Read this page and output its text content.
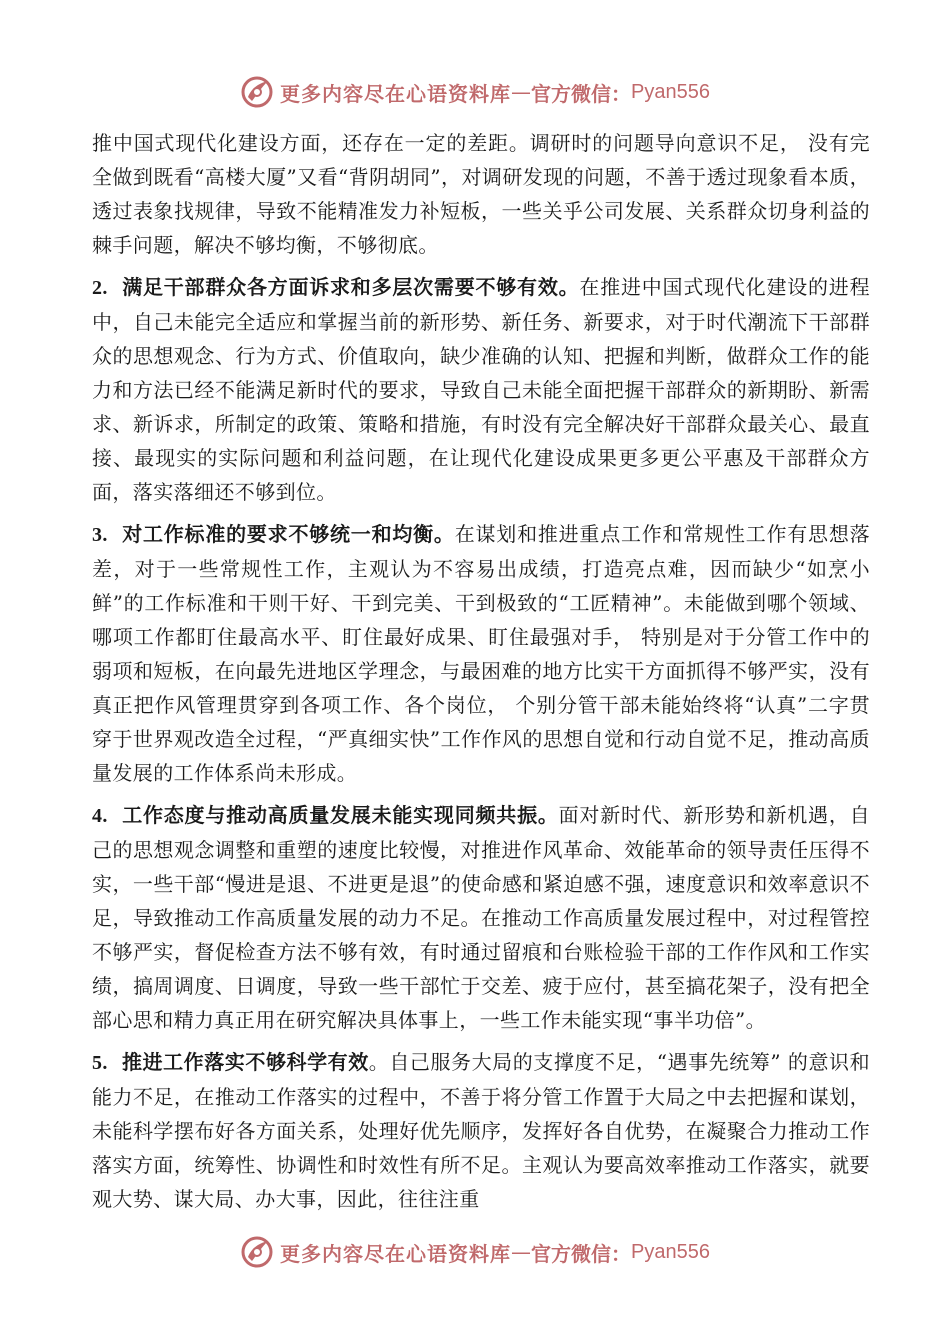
更多内容尽在心语资料库 — 官方微信： Pyan556

推中国式现代化建设方面，还存在一定的差距。调研时的问题导向意识不足， 没有完全做到既看“高楼大厦”又看“背阴胡同”，对调研发现的问题，不善于透过现象看本质，透过表象找规律，导致不能精准发力补短板，一些关乎公司发展、关系群众切身利益的棘手问题，解决不够均衡，不够彻底。

2. 满足干部群众各方面诉求和多层次需要不够有效。在推进中国式现代化建设的进程中，自己未能完全适应和掌握当前的新形势、新任务、新要求，对于时代潮流下干部群众的思想观念、行为方式、价值取向，缺少准确的认知、把握和判断，做群众工作的能力和方法已经不能满足新时代的要求，导致自己未能全面把握干部群众的新期盼、新需求、新诉求，所制定的政策、策略和措施，有时没有完全解决好干部群众最关心、最直接、最现实的实际问题和利益问题，在让现代化建设成果更多更公平惠及干部群众方面，落实落细还不够到位。

3. 对工作标准的要求不够统一和均衡。在谋划和推进重点工作和常规性工作有思想落差，对于一些常规性工作，主观认为不容易出成绩，打造亮点难，因而缺少“如烹小鲜”的工作标准和干则干好、干到完美、干到极致的“工匠精神”。未能做到哪个领域、哪项工作都盯住最高水平、盯住最好成果、盯住最强对手， 特别是对于分管工作中的弱项和短板，在向最先进地区学理念，与最困难的地方比实干方面抓得不够严实，没有真正把作风管理贯穿到各项工作、各个岗位， 个别分管干部未能始终将“认真”二字贯穿于世界观改造全过程，“严真细实快”工作作风的思想自觉和行动自觉不足，推动高质量发展的工作体系尚未形成。

4. 工作态度与推动高质量发展未能实现同频共振。面对新时代、新形势和新机遇，自己的思想观念调整和重塑的速度比较慢，对推进作风革命、效能革命的领导责任压得不实，一些干部“慢进是退、不进更是退”的使命感和紧迫感不强，速度意识和效率意识不足，导致推动工作高质量发展的动力不足。在推动工作高质量发展过程中，对过程管控不够严实，督促检查方法不够有效，有时通过留痕和台账检验干部的工作作风和工作实绩，搞周调度、日调度，导致一些干部忙于交差、疲于应付，甚至搞花架子，没有把全部心思和精力真正用在研究解决具体事上，一些工作未能实现“事半功倍”。

5. 推进工作落实不够科学有效。自己服务大局的支撑度不足，“遇事先统筹” 的意识和能力不足，在推动工作落实的过程中，不善于将分管工作置于大局之中去把握和谋划，未能科学摆布好各方面关系，处理好优先顺序，发挥好各自优势，在凝聚合力推动工作落实方面，统筹性、协调性和时效性有所不足。主观认为要高效率推动工作落实，就要观大势、谋大局、办大事，因此，往往注重

更多内容尽在心语资料库 — 官方微信： Pyan556
